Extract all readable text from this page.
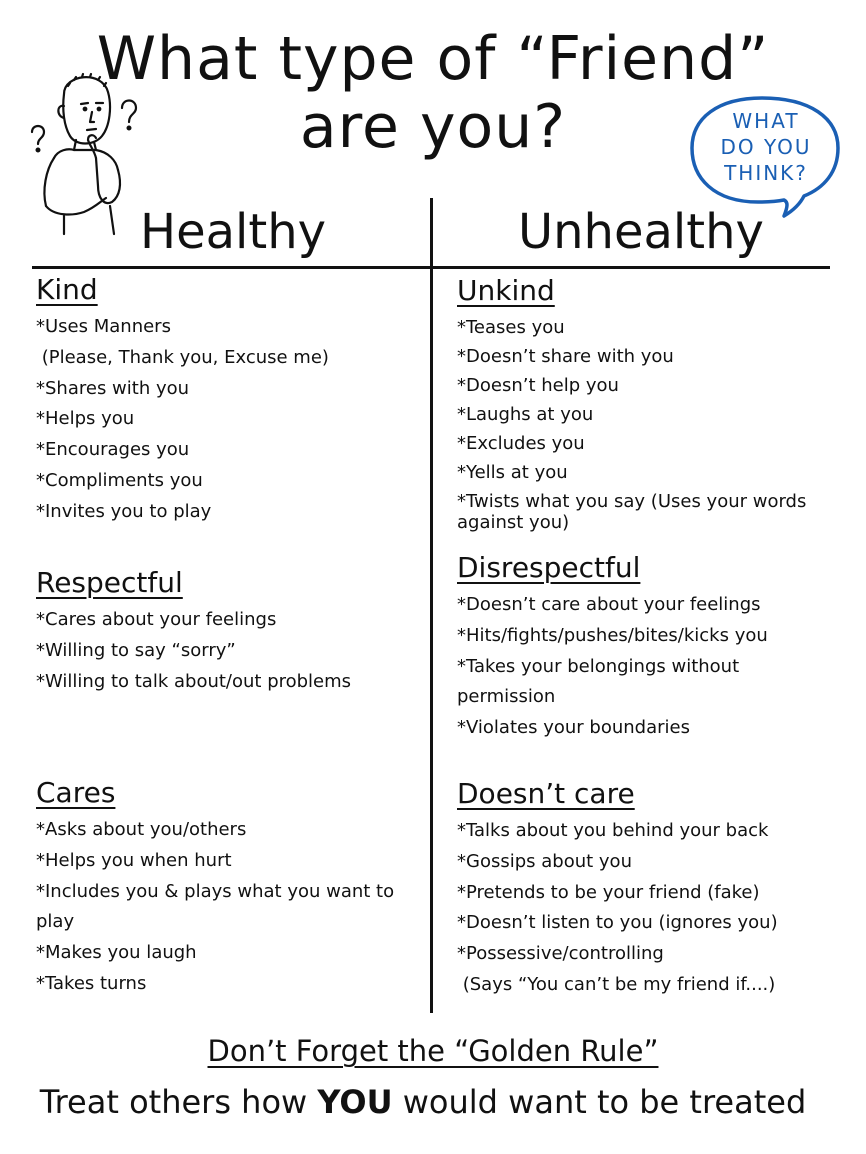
What type of “Friend”
are you?	WHAT
DO YOU
THINK?
Healthy	Unhealthy
Kind
*Uses Manners
(Please, Thank you, Excuse me)
*Shares with you
*Helps you
*Encourages you
*Compliments you
*Invites you to play
Respectful
*Cares about your feelings
*Willing to say “sorry”
*Willing to talk about/out problems
Cares
*Asks about you/others
*Helps you when hurt
*Includes you & plays what you want to play
*Makes you laugh
*Takes turns
Unkind
*Teases you
*Doesn’t share with you
*Doesn’t help you
*Laughs at you
*Excludes you
*Yells at you
*Twists what you say (Uses your words against you)
Disrespectful
*Doesn’t care about your feelings
*Hits/fights/pushes/bites/kicks you
*Takes your belongings without permission
*Violates your boundaries
Doesn’t care
*Talks about you behind your back
*Gossips about you
*Pretends to be your friend (fake)
*Doesn’t listen to you (ignores you)
*Possessive/controlling
(Says “You can’t be my friend if....)
Don’t Forget the “Golden Rule”
Treat others how YOU would want to be treated
